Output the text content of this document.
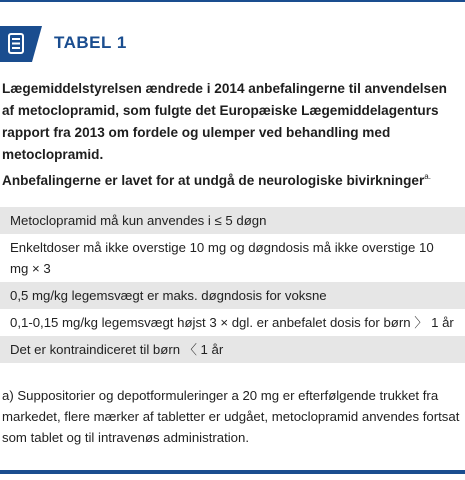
TABEL 1

Lægemiddelstyrelsen ændrede i 2014 anbefalingerne til anvendelsen af metoclopramid, som fulgte det Europæiske Lægemiddelagenturs rapport fra 2013 om fordele og ulemper ved behandling med metoclopramid.

Anbefalingerne er lavet for at undgå de neurologiske bivirkninger$^{a.}$

Metoclopramid må kun anvendes i ≤ 5 døgn
Enkeltdoser må ikke overstige 10 mg og døgndosis må ikke overstige 10 mg × 3
0,5 mg/kg legemsvægt er maks. døgndosis for voksne
0,1-0,15 mg/kg legemsvægt højst 3 × dgl. er anbefalet dosis for børn 〉 1 år
Det er kontraindiceret til børn 〈 1 år
a) Suppositorier og depotformuleringer a 20 mg er efterfølgende trukket fra markedet, flere mærker af tabletter er udgået, metoclopramid anvendes fortsat som tablet og til intravenøs administration.
